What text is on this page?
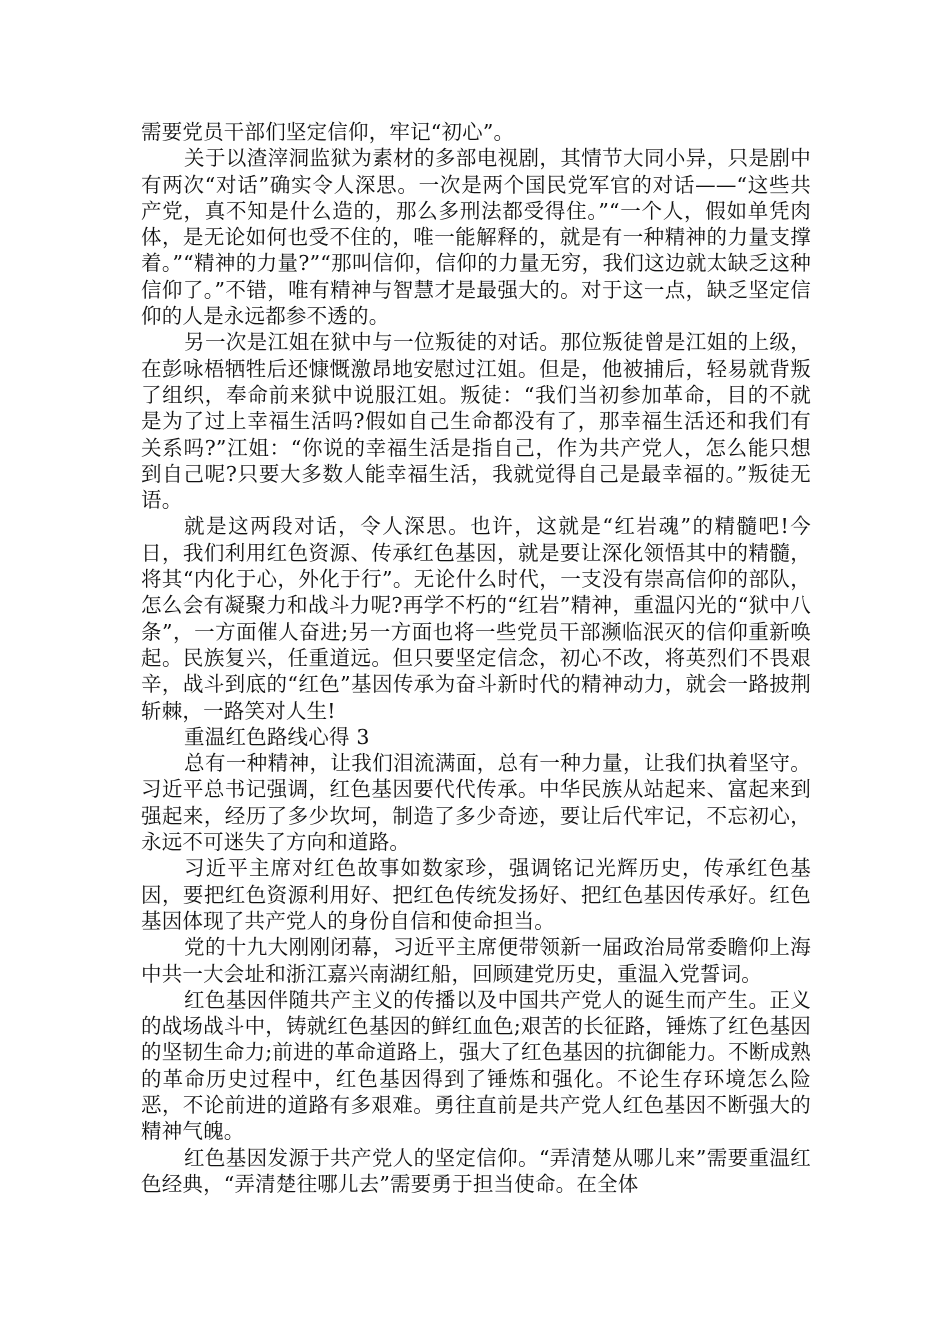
需要党员干部们坚定信仰，牢记“初心”。

关于以渣滓洞监狱为素材的多部电视剧，其情节大同小异，只是剧中有两次“对话”确实令人深思。一次是两个国民党军官的对话——“这些共产党，真不知是什么造的，那么多刑法都受得住。”“一个人，假如单凭肉体，是无论如何也受不住的，唯一能解释的，就是有一种精神的力量支撑着。”“精神的力量?”“那叫信仰，信仰的力量无穷，我们这边就太缺乏这种信仰了。”不错，唯有精神与智慧才是最强大的。对于这一点，缺乏坚定信仰的人是永远都参不透的。

另一次是江姐在狱中与一位叛徒的对话。那位叛徒曾是江姐的上级，在彭咏梧牺牲后还慷慨激昂地安慰过江姐。但是，他被捕后，轻易就背叛了组织，奉命前来狱中说服江姐。叛徒：“我们当初参加革命，目的不就是为了过上幸福生活吗?假如自己生命都没有了，那幸福生活还和我们有关系吗?”江姐：“你说的幸福生活是指自己，作为共产党人，怎么能只想到自己呢?只要大多数人能幸福生活，我就觉得自己是最幸福的。”叛徒无语。

就是这两段对话，令人深思。也许，这就是“红岩魂”的精髓吧!今日，我们利用红色资源、传承红色基因，就是要让深化领悟其中的精髓，将其“内化于心，外化于行”。无论什么时代，一支没有崇高信仰的部队，怎么会有凝聚力和战斗力呢?再学不朽的“红岩”精神，重温闪光的“狱中八条”，一方面催人奋进;另一方面也将一些党员干部濒临泯灭的信仰重新唤起。民族复兴，任重道远。但只要坚定信念，初心不改，将英烈们不畏艰辛，战斗到底的“红色”基因传承为奋斗新时代的精神动力，就会一路披荆斩棘，一路笑对人生!

重温红色路线心得 3

总有一种精神，让我们泪流满面，总有一种力量，让我们执着坚守。习近平总书记强调，红色基因要代代传承。中华民族从站起来、富起来到强起来，经历了多少坎坷，制造了多少奇迹，要让后代牢记，不忘初心，永远不可迷失了方向和道路。

习近平主席对红色故事如数家珍，强调铭记光辉历史，传承红色基因，要把红色资源利用好、把红色传统发扬好、把红色基因传承好。红色基因体现了共产党人的身份自信和使命担当。

党的十九大刚刚闭幕，习近平主席便带领新一届政治局常委瞻仰上海中共一大会址和浙江嘉兴南湖红船，回顾建党历史，重温入党誓词。

红色基因伴随共产主义的传播以及中国共产党人的诞生而产生。正义的战场战斗中，铸就红色基因的鲜红血色;艰苦的长征路，锤炼了红色基因的坚韧生命力;前进的革命道路上，强大了红色基因的抗御能力。不断成熟的革命历史过程中，红色基因得到了锤炼和强化。不论生存环境怎么险恶，不论前进的道路有多艰难。勇往直前是共产党人红色基因不断强大的精神气魄。

红色基因发源于共产党人的坚定信仰。“弄清楚从哪儿来”需要重温红色经典，“弄清楚往哪儿去”需要勇于担当使命。在全体
